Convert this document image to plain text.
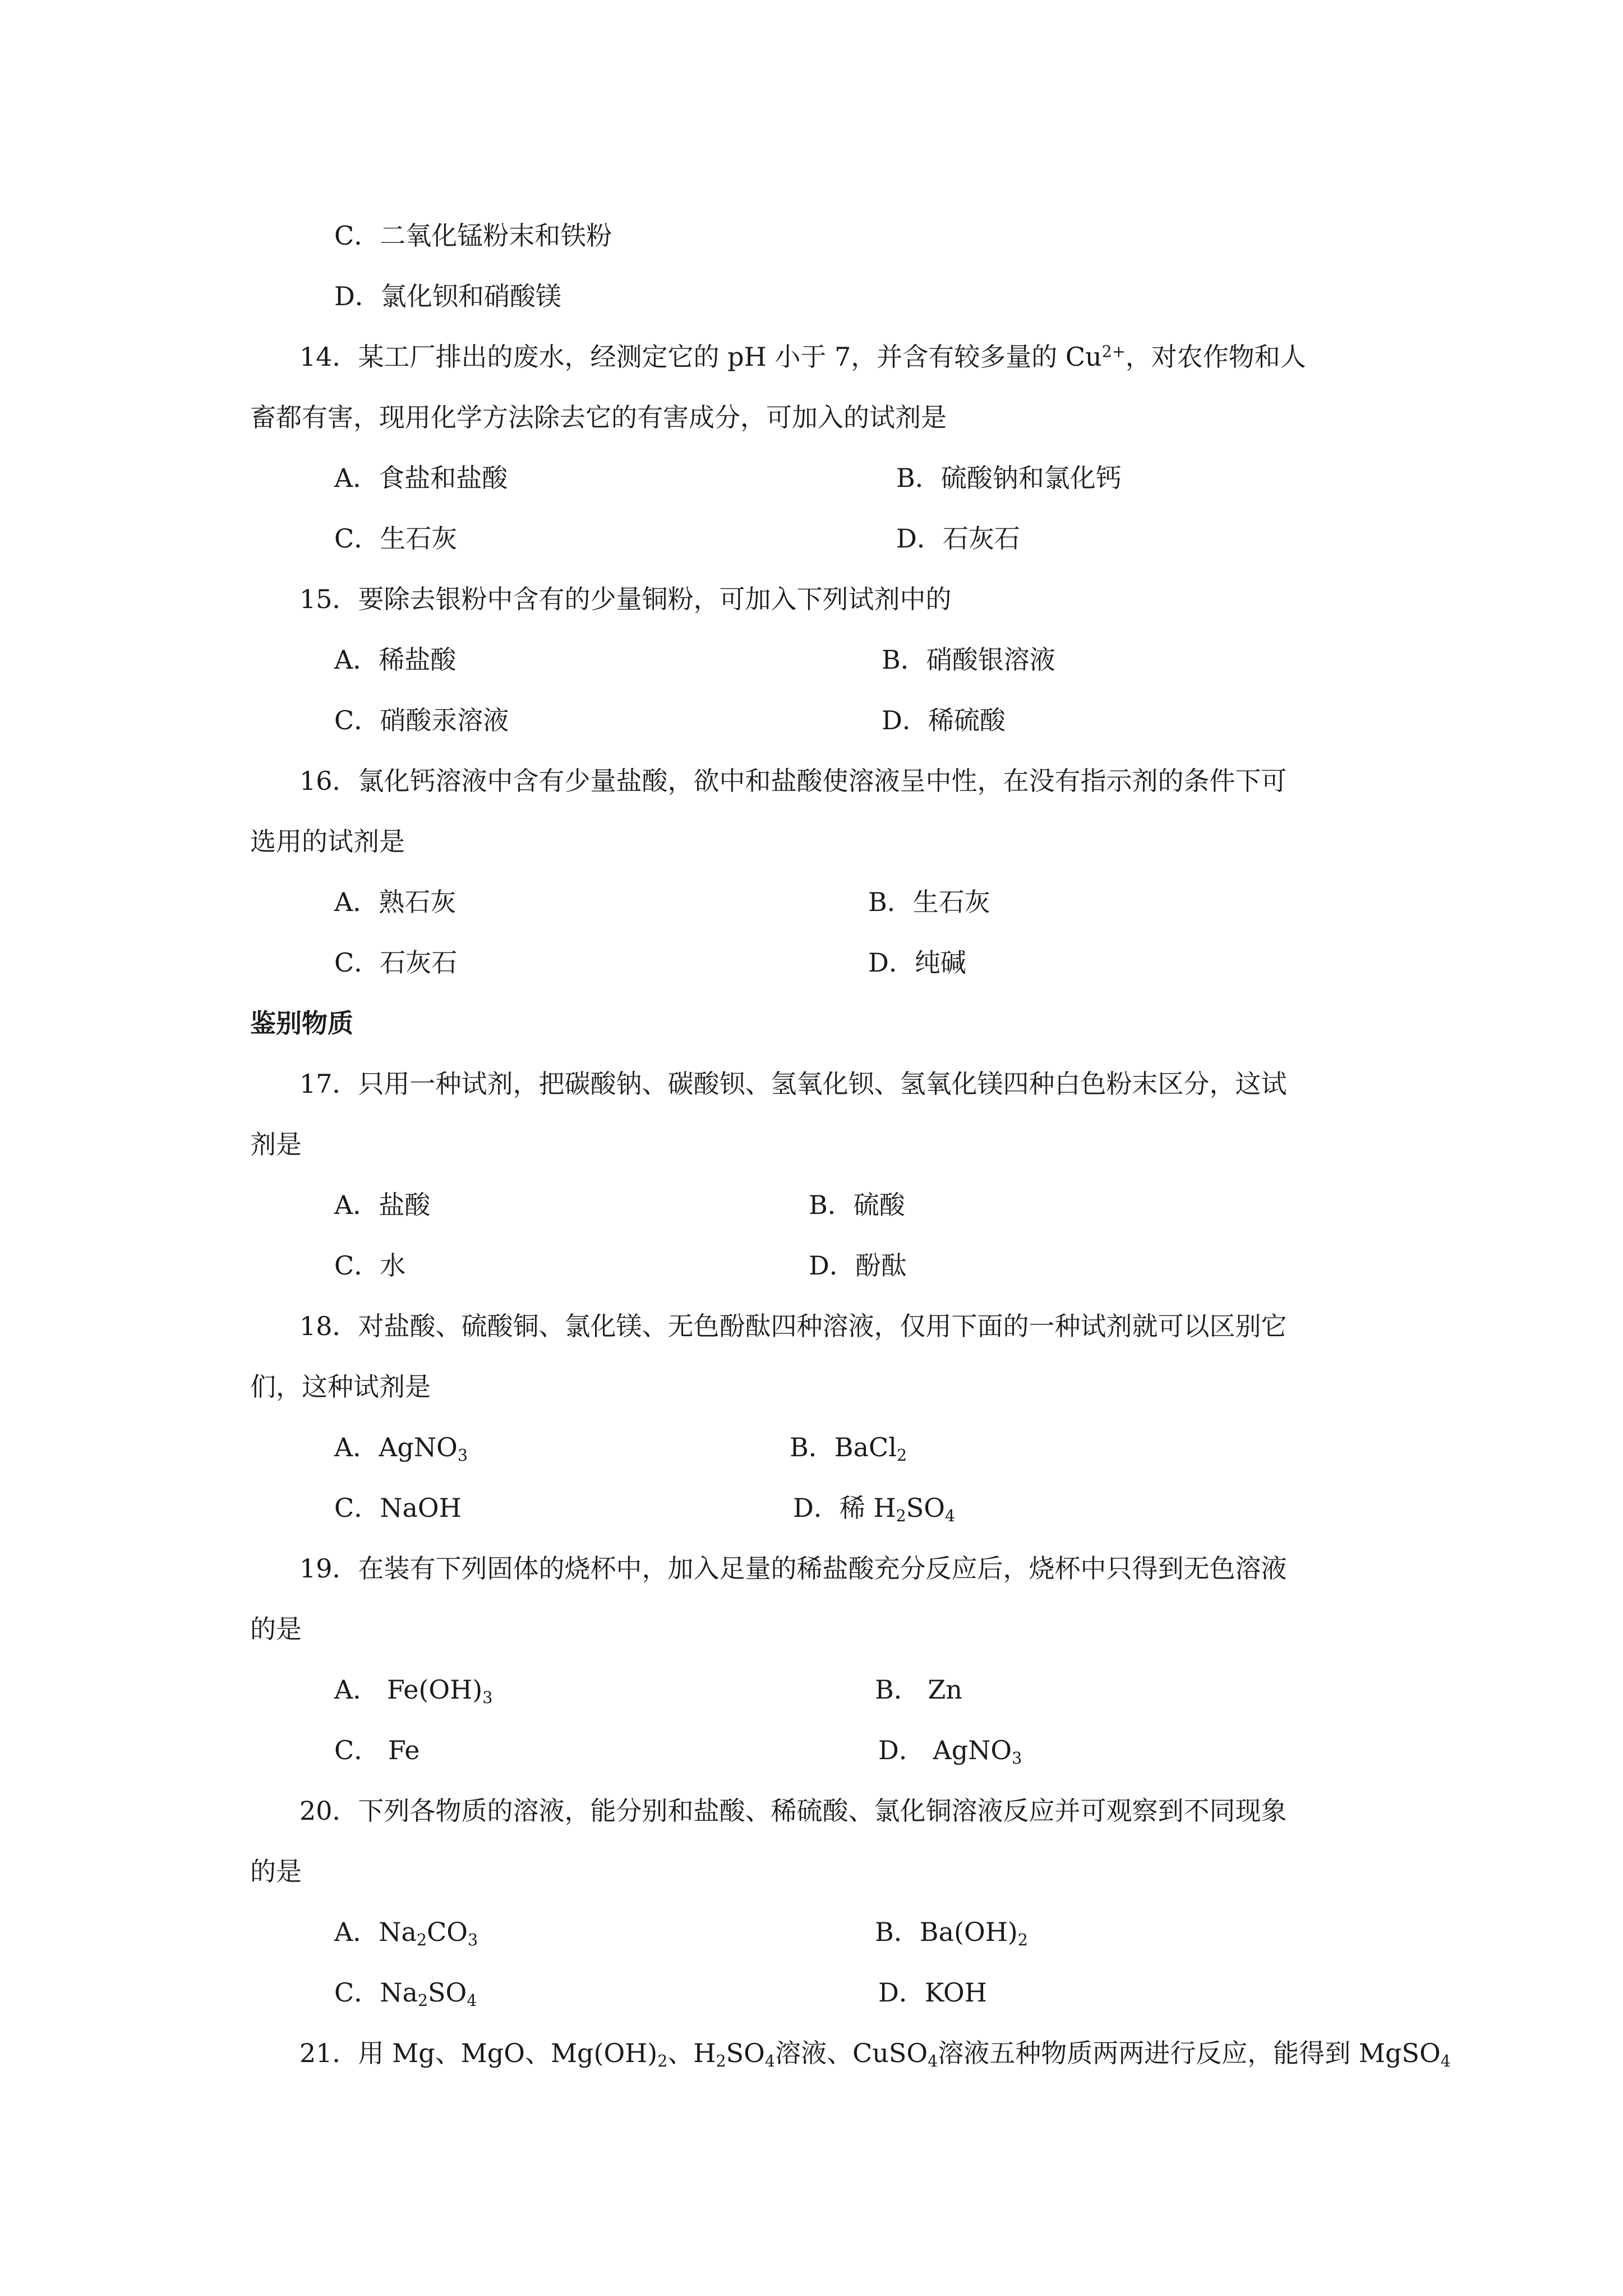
C．二氧化锰粉末和铁粉
D．氯化钡和硝酸镁
14．某工厂排出的废水，经测定它的 pH 小于 7，并含有较多量的 $Cu^{2+}$，对农作物和人
畜都有害，现用化学方法除去它的有害成分，可加入的试剂是
A．食盐和盐酸	B．硫酸钠和氯化钙
C．生石灰	D．石灰石
15．要除去银粉中含有的少量铜粉，可加入下列试剂中的
A．稀盐酸	B．硝酸银溶液
C．硝酸汞溶液	D．稀硫酸
16．氯化钙溶液中含有少量盐酸，欲中和盐酸使溶液呈中性，在没有指示剂的条件下可
选用的试剂是
A．熟石灰	B．生石灰
C．石灰石	D．纯碱
鉴别物质
17．只用一种试剂，把碳酸钠、碳酸钡、氢氧化钡、氢氧化镁四种白色粉末区分，这试
剂是
A．盐酸	B．硫酸
C．水	D．酚酞
18．对盐酸、硫酸铜、氯化镁、无色酚酞四种溶液，仅用下面的一种试剂就可以区别它
们，这种试剂是
A．AgNO$_3$	B．BaCl$_2$
C．NaOH	D．稀 $H_2SO_4$
19．在装有下列固体的烧杯中，加入足量的稀盐酸充分反应后，烧杯中只得到无色溶液
的是
A． $Fe(OH)_3$	B． Zn
C． Fe	D． AgNO$_3$
20．下列各物质的溶液，能分别和盐酸、稀硫酸、氯化铜溶液反应并可观察到不同现象
的是
A．$Na_2CO_3$	B．$Ba(OH)_2$
C．$Na_2SO_4$	D．KOH
21．用 Mg、MgO、$Mg(OH)_2$、$H_2SO_4$溶液、CuSO$_4$溶液五种物质两两进行反应，能得到 MgSO$_4$
